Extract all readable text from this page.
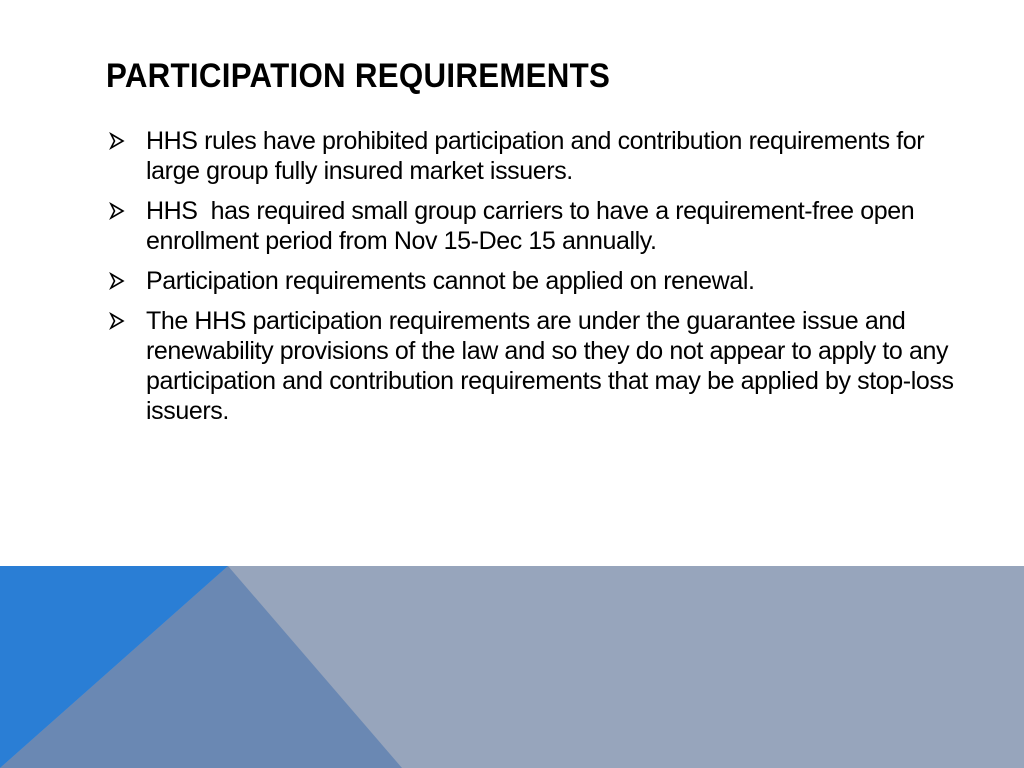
PARTICIPATION REQUIREMENTS
HHS rules have prohibited participation and contribution requirements for large group fully insured market issuers.
HHS  has required small group carriers to have a requirement-free open enrollment period from Nov 15-Dec 15 annually.
Participation requirements cannot be applied on renewal.
The HHS participation requirements are under the guarantee issue and renewability provisions of the law and so they do not appear to apply to any participation and contribution requirements that may be applied by stop-loss issuers.
